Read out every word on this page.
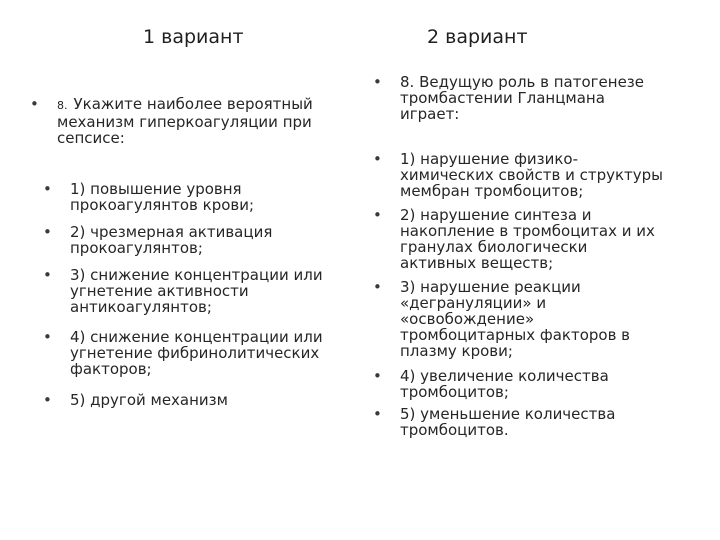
1 вариант	2 вариант
•	8. Укажите наиболее вероятный
механизм гиперкоагуляции при
сепсисе:
•	1) повышение уровня
прокоагулянтов крови;
•	2) чрезмерная активация
прокоагулянтов;
•	3) снижение концентрации или
угнетение активности
антикоагулянтов;
•	4) снижение концентрации или
угнетение фибринолитических
факторов;
•	5) другой механизм
•	8. Ведущую роль в патогенезе
тромбастении Гланцмана
играет:
•	1) нарушение физико-
химических свойств и структуры
мембран тромбоцитов;
•	2) нарушение синтеза и
накопление в тромбоцитах и их
гранулах биологически
активных веществ;
•	3) нарушение реакции
«дегрануляции» и
«освобождение»
тромбоцитарных факторов в
плазму крови;
•	4) увеличение количества
тромбоцитов;
•	5) уменьшение количества
тромбоцитов.
